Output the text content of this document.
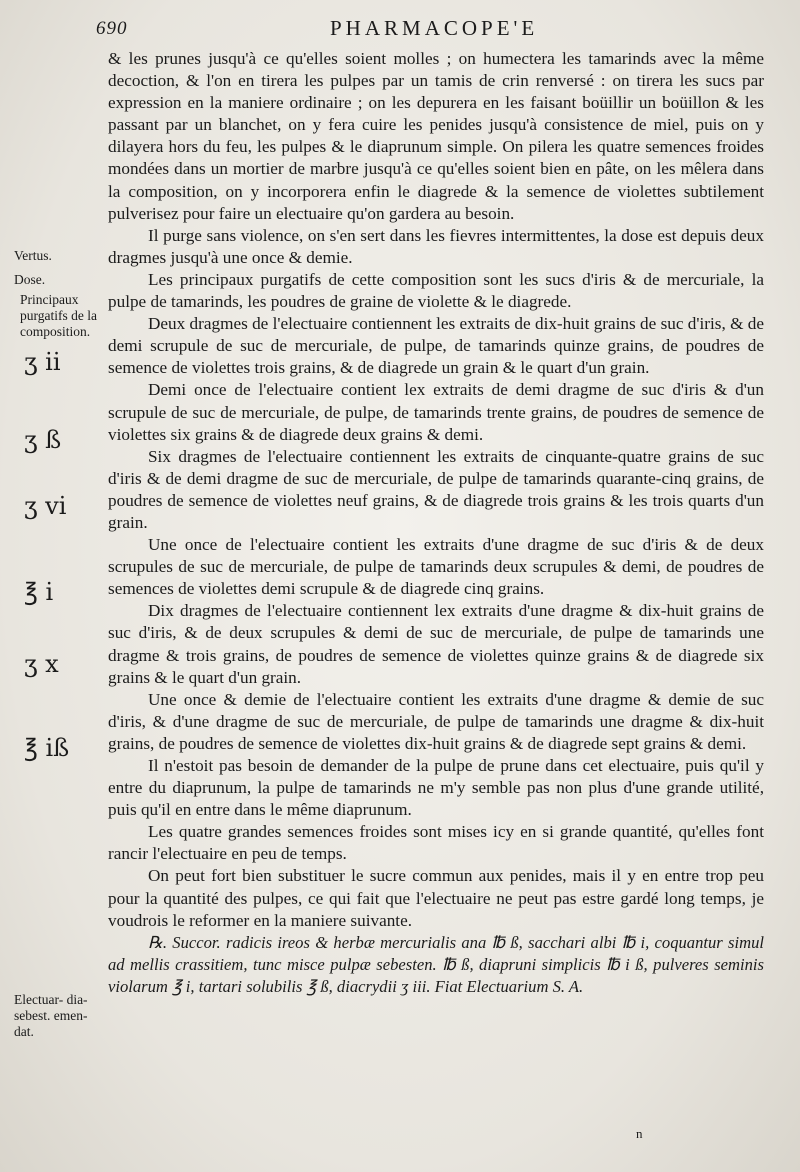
690	PHARMACOPE'E
Vertus.
Dose.
Principaux purgatifs de la composition.
Electuar- dia- sebest. emen- dat.
ʒ ii
ʒ ß
ʒ vi
℥ i
ʒ x
℥ iß

& les prunes jusqu'à ce qu'elles soient molles ; on humectera les tamarinds avec la même decoction, & l'on en tirera les pulpes par un tamis de crin renversé : on tirera les sucs par expression en la maniere ordinaire ; on les depurera en les faisant boüillir un boüillon & les passant par un blanchet, on y fera cuire les penides jusqu'à consistence de miel, puis on y dilayera hors du feu, les pulpes & le diaprunum simple. On pilera les quatre semences froides mondées dans un mortier de marbre jusqu'à ce qu'elles soient bien en pâte, on les mêlera dans la composition, on y incorporera enfin le diagrede & la semence de violettes subtilement pulverisez pour faire un electuaire qu'on gardera au besoin.

Il purge sans violence, on s'en sert dans les fievres intermittentes, la dose est depuis deux dragmes jusqu'à une once & demie.

Les principaux purgatifs de cette composition sont les sucs d'iris & de mercuriale, la pulpe de tamarinds, les poudres de graine de violette & le diagrede.

Deux dragmes de l'electuaire contiennent les extraits de dix-huit grains de suc d'iris, & de demi scrupule de suc de mercuriale, de pulpe, de tamarinds quinze grains, de poudres de semence de violettes trois grains, & de diagrede un grain & le quart d'un grain.

Demi once de l'electuaire contient lex extraits de demi dragme de suc d'iris & d'un scrupule de suc de mercuriale, de pulpe, de tamarinds trente grains, de poudres de semence de violettes six grains & de diagrede deux grains & demi.

Six dragmes de l'electuaire contiennent les extraits de cinquante-quatre grains de suc d'iris & de demi dragme de suc de mercuriale, de pulpe de tamarinds quarante-cinq grains, de poudres de semence de violettes neuf grains, & de diagrede trois grains & les trois quarts d'un grain.

Une once de l'electuaire contient les extraits d'une dragme de suc d'iris & de deux scrupules de suc de mercuriale, de pulpe de tamarinds deux scrupules & demi, de poudres de semences de violettes demi scrupule & de diagrede cinq grains.

Dix dragmes de l'electuaire contiennent lex extraits d'une dragme & dix-huit grains de suc d'iris, & de deux scrupules & demi de suc de mercuriale, de pulpe de tamarinds une dragme & trois grains, de poudres de semence de violettes quinze grains & de diagrede six grains & le quart d'un grain.

Une once & demie de l'electuaire contient les extraits d'une dragme & demie de suc d'iris, & d'une dragme de suc de mercuriale, de pulpe de tamarinds une dragme & dix-huit grains, de poudres de semence de violettes dix-huit grains & de diagrede sept grains & demi.

Il n'estoit pas besoin de demander de la pulpe de prune dans cet electuaire, puis qu'il y entre du diaprunum, la pulpe de tamarinds ne m'y semble pas non plus d'une grande utilité, puis qu'il en entre dans le même diaprunum.

Les quatre grandes semences froides sont mises icy en si grande quantité, qu'elles font rancir l'electuaire en peu de temps.

On peut fort bien substituer le sucre commun aux penides, mais il y en entre trop peu pour la quantité des pulpes, ce qui fait que l'electuaire ne peut pas estre gardé long temps, je voudrois le reformer en la maniere suivante.

℞. Succor. radicis ireos & herbæ mercurialis ana ℔ ß, sacchari albi ℔ i, coquantur simul ad mellis crassitiem, tunc misce pulpæ sebesten. ℔ ß, diapruni simplicis ℔ i ß, pulveres seminis violarum ℥ i, tartari solubilis ℥ ß, diacrydii ʒ iii. Fiat Electuarium S. A.

n
